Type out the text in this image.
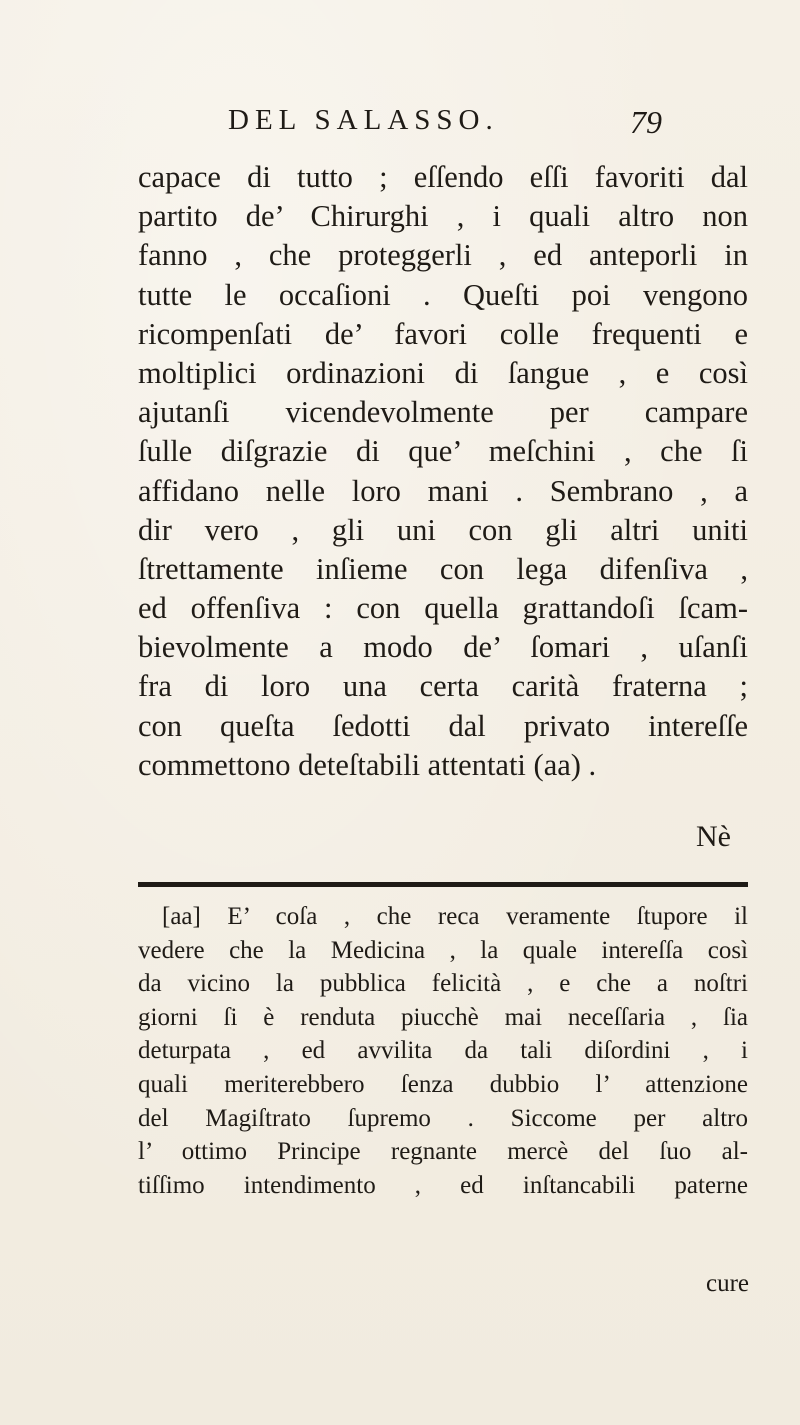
DEL SALASSO.	79
capace di tutto ; eſſendo eſſi favoriti dal
partito de’ Chirurghi , i quali altro non
fanno , che proteggerli , ed anteporli in
tutte le occaſioni . Queſti poi vengono
ricompenſati de’ favori colle frequenti e
moltiplici ordinazioni di ſangue , e così
ajutanſi vicendevolmente per campare
ſulle diſgrazie di que’ meſchini , che ſi
affidano nelle loro mani . Sembrano , a
dir vero , gli uni con gli altri uniti
ſtrettamente inſieme con lega difenſiva ,
ed offenſiva : con quella grattandoſi ſcam-
bievolmente a modo de’ ſomari , uſanſi
fra di loro una certa carità fraterna ;
con queſta ſedotti dal privato intereſſe
commettono deteſtabili attentati (aa) .
Nè
[aa] E’ coſa , che reca veramente ſtupore il
vedere che la Medicina , la quale intereſſa così
da vicino la pubblica felicità , e che a noſtri
giorni ſi è renduta piucchè mai neceſſaria , ſia
deturpata , ed avvilita da tali diſordini , i
quali meriterebbero ſenza dubbio l’ attenzione
del Magiſtrato ſupremo . Siccome per altro
l’ ottimo Principe regnante mercè del ſuo al-
tiſſimo intendimento , ed inſtancabili paterne
cure
